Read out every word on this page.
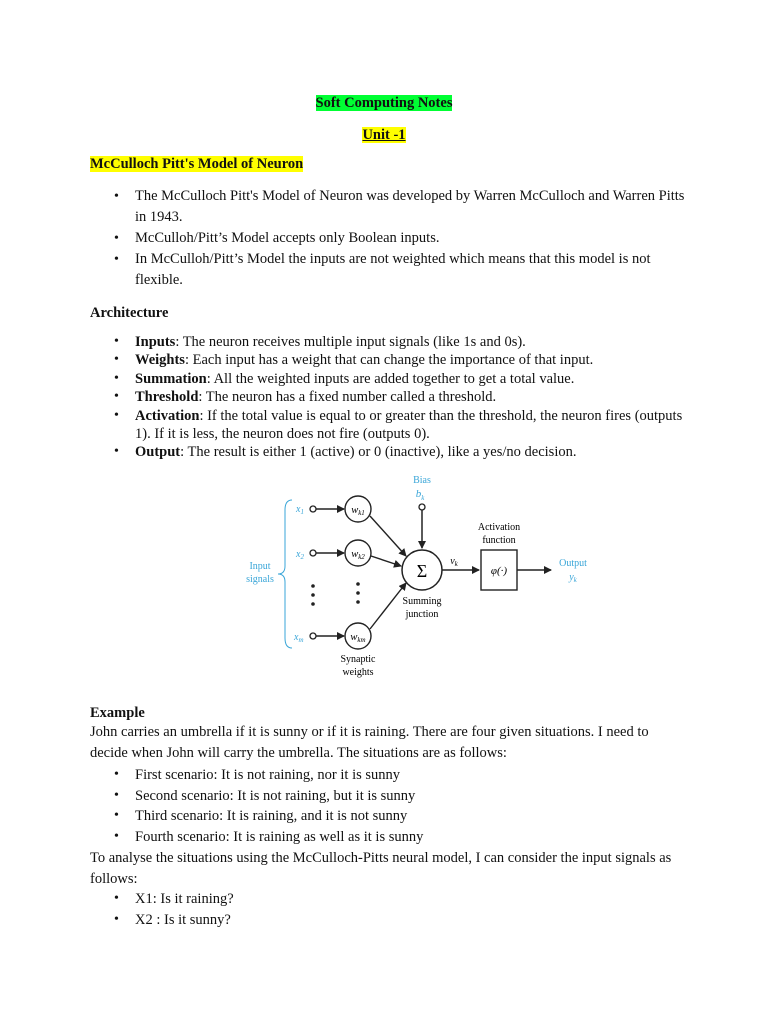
Soft Computing Notes
Unit -1
McCulloch Pitt's Model of Neuron
• The McCulloch Pitt's Model of Neuron was developed by Warren McCulloch and Warren Pitts in 1943.
• McCulloh/Pitt’s Model accepts only Boolean inputs.
• In McCulloh/Pitt’s Model the inputs are not weighted which means that this model is not flexible.
Architecture
• Inputs: The neuron receives multiple input signals (like 1s and 0s).
• Weights: Each input has a weight that can change the importance of that input.
• Summation: All the weighted inputs are added together to get a total value.
• Threshold: The neuron has a fixed number called a threshold.
• Activation: If the total value is equal to or greater than the threshold, the neuron fires (outputs 1). If it is less, the neuron does not fire (outputs 0).
• Output: The result is either 1 (active) or 0 (inactive), like a yes/no decision.
Bias
$b_k$
Input
signals
$x_1$
$x_2$
$x_m$
wk1
wk2
wkm
Σ
Summing
junction
$v_k$
Activation
function
φ(·)
Output
$y_k$
Synaptic
weights
Example
John carries an umbrella if it is sunny or if it is raining. There are four given situations. I need to decide when John will carry the umbrella. The situations are as follows:
• First scenario: It is not raining, nor it is sunny
• Second scenario: It is not raining, but it is sunny
• Third scenario: It is raining, and it is not sunny
• Fourth scenario: It is raining as well as it is sunny
To analyse the situations using the McCulloch-Pitts neural model, I can consider the input signals as follows:
• X1: Is it raining?
• X2 : Is it sunny?
